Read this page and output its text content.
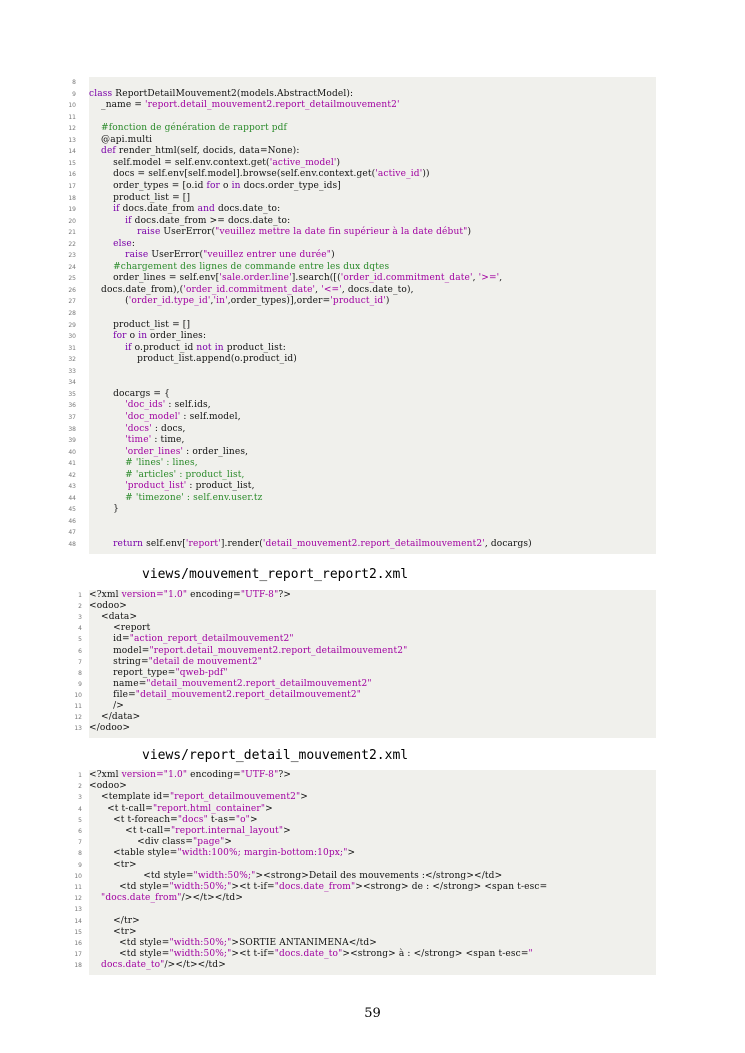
class ReportDetailMouvement2(models.AbstractModel):
_name = 'report.detail_mouvement2.report_detailmouvement2'
#fonction de génération de rapport pdf
@api.multi
def render_html(self, docids, data=None):
self.model = self.env.context.get('active_model')
docs = self.env[self.model].browse(self.env.context.get('active_id'))
order_types = [o.id for o in docs.order_type_ids]
product_list = []
if docs.date_from and docs.date_to:
if docs.date_from >= docs.date_to:
raise UserError("veuillez mettre la date fin supérieur à la date début")
else:
raise UserError("veuillez entrer une durée")
#chargement des lignes de commande entre les dux dqtes
order_lines = self.env['sale.order.line'].search([('order_id.commitment_date', '>=',
docs.date_from),('order_id.commitment_date', '<=', docs.date_to),
('order_id.type_id','in',order_types)],order='product_id')
product_list = []
for o in order_lines:
if o.product_id not in product_list:
product_list.append(o.product_id)
docargs = {
'doc_ids' : self.ids,
'doc_model' : self.model,
'docs' : docs,
'time' : time,
'order_lines' : order_lines,
# 'lines' : lines,
# 'articles' : product_list,
'product_list' : product_list,
# 'timezone' : self.env.user.tz
}
return self.env['report'].render('detail_mouvement2.report_detailmouvement2', docargs)
8
9
10
11
12
13
14
15
16
17
18
19
20
21
22
23
24
25
26
27
28
29
30
31
32
33
34
35
36
37
38
39
40
41
42
43
44
45
46
47
48
views/mouvement_report_report2.xml
<?xml version="1.0" encoding="UTF-8"?>
<odoo>
<data>
<report
id="action_report_detailmouvement2"
model="report.detail_mouvement2.report_detailmouvement2"
string="detail de mouvement2"
report_type="qweb-pdf"
name="detail_mouvement2.report_detailmouvement2"
file="detail_mouvement2.report_detailmouvement2"
/>
</data>
</odoo>
1
2
3
4
5
6
7
8
9
10
11
12
13
views/report_detail_mouvement2.xml
<?xml version="1.0" encoding="UTF-8"?>
<odoo>
<template id="report_detailmouvement2">
<t t-call="report.html_container">
<t t-foreach="docs" t-as="o">
<t t-call="report.internal_layout">
<div class="page">
<table style="width:100%; margin-bottom:10px;">
<tr>
<td style="width:50%;"><strong>Detail des mouvements :</strong></td>
<td style="width:50%;"><t t-if="docs.date_from"><strong> de : </strong> <span t-esc=
"docs.date_from"/></t></td>
</tr>
<tr>
<td style="width:50%;">SORTIE ANTANIMENA</td>
<td style="width:50%;"><t t-if="docs.date_to"><strong> à : </strong> <span t-esc="
docs.date_to"/></t></td>
1
2
3
4
5
6
7
8
9
10
11
12
13
14
15
16
17
18
59
